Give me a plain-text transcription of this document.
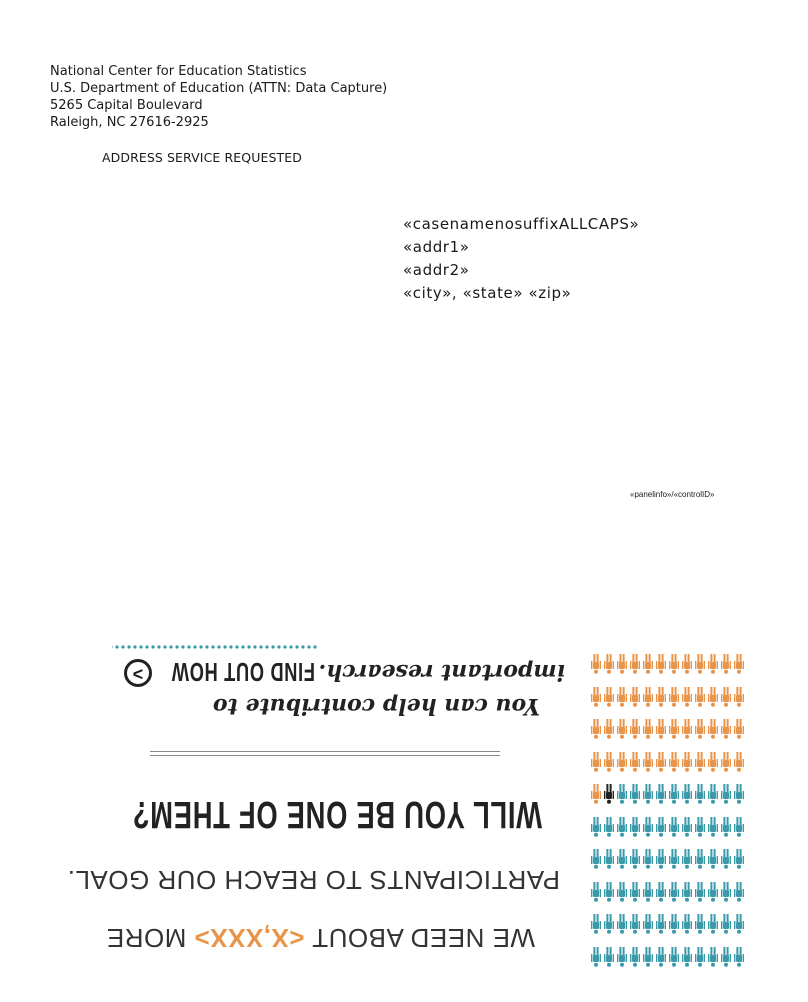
National Center for Education Statistics
U.S. Department of Education (ATTN: Data Capture)
5265 Capital Boulevard
Raleigh, NC 27616-2925
ADDRESS SERVICE REQUESTED
«casenamenosuffixALLCAPS»
«addr1»
«addr2»
«city», «state» «zip»
«panelinfo»/«controlID»
WE NEED ABOUT <X,XXX> MORE
PARTICIPANTS TO REACH OUR GOAL.
WILL YOU BE ONE OF THEM?
You can help contribute to
important research.
FIND OUT HOW
>
